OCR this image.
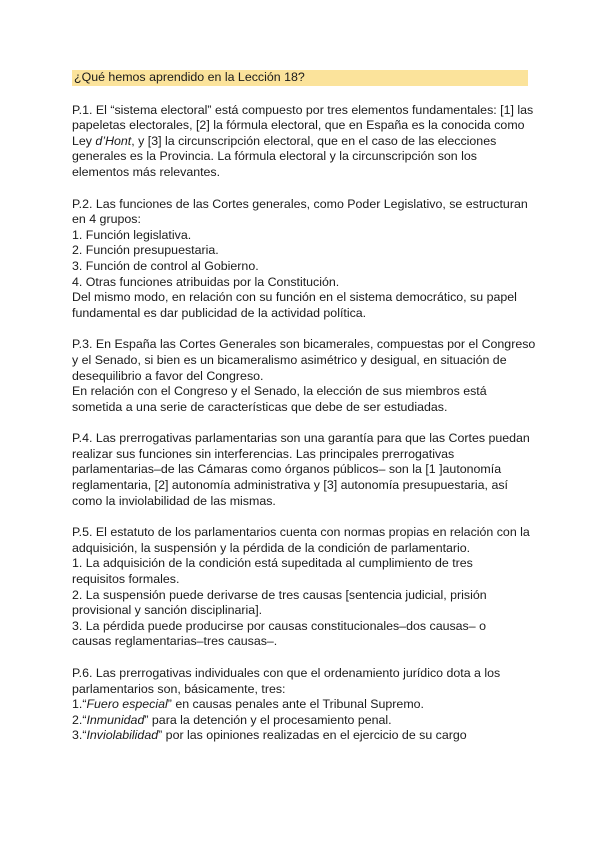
¿Qué hemos aprendido en la Lección 18?
P.1. El “sistema electoral” está compuesto por tres elementos fundamentales: [1] las
papeletas electorales, [2] la fórmula electoral, que en España es la conocida como
Ley d’Hont, y [3] la circunscripción electoral, que en el caso de las elecciones
generales es la Provincia. La fórmula electoral y la circunscripción son los
elementos más relevantes.
P.2. Las funciones de las Cortes generales, como Poder Legislativo, se estructuran
en 4 grupos:
1. Función legislativa.
2. Función presupuestaria.
3. Función de control al Gobierno.
4. Otras funciones atribuidas por la Constitución.
Del mismo modo, en relación con su función en el sistema democrático, su papel
fundamental es dar publicidad de la actividad política.
P.3. En España las Cortes Generales son bicamerales, compuestas por el Congreso
y el Senado, si bien es un bicameralismo asimétrico y desigual, en situación de
desequilibrio a favor del Congreso.
En relación con el Congreso y el Senado, la elección de sus miembros está
sometida a una serie de características que debe de ser estudiadas.
P.4. Las prerrogativas parlamentarias son una garantía para que las Cortes puedan
realizar sus funciones sin interferencias. Las principales prerrogativas
parlamentarias–de las Cámaras como órganos públicos– son la [1 ]autonomía
reglamentaria, [2] autonomía administrativa y [3] autonomía presupuestaria, así
como la inviolabilidad de las mismas.
P.5. El estatuto de los parlamentarios cuenta con normas propias en relación con la
adquisición, la suspensión y la pérdida de la condición de parlamentario.
1. La adquisición de la condición está supeditada al cumplimiento de tres
requisitos formales.
2. La suspensión puede derivarse de tres causas [sentencia judicial, prisión
provisional y sanción disciplinaria].
3. La pérdida puede producirse por causas constitucionales–dos causas– o
causas reglamentarias–tres causas–.
P.6. Las prerrogativas individuales con que el ordenamiento jurídico dota a los
parlamentarios son, básicamente, tres:
1.“Fuero especial” en causas penales ante el Tribunal Supremo.
2.“Inmunidad” para la detención y el procesamiento penal.
3.“Inviolabilidad” por las opiniones realizadas en el ejercicio de su cargo
